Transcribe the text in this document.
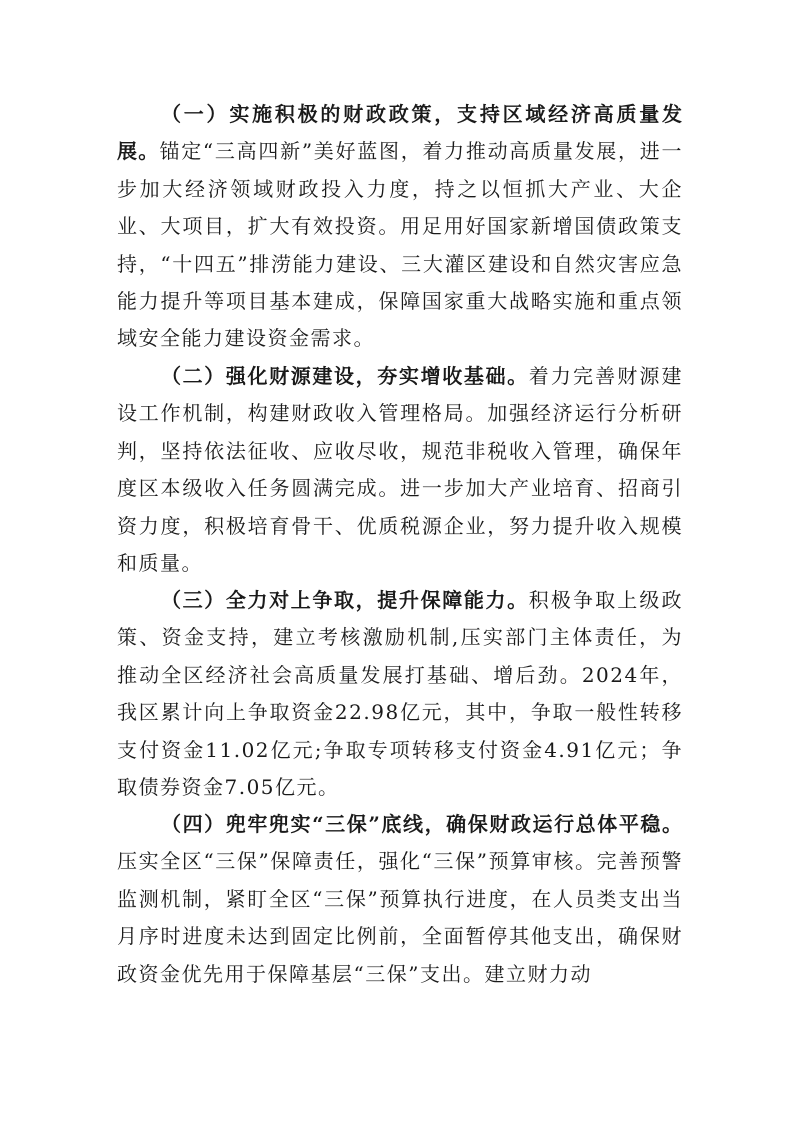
（一）实施积极的财政政策，支持区域经济高质量发展。锚定“三高四新”美好蓝图，着力推动高质量发展，进一步加大经济领域财政投入力度，持之以恒抓大产业、大企业、大项目，扩大有效投资。用足用好国家新增国债政策支持，“十四五”排涝能力建设、三大灌区建设和自然灾害应急能力提升等项目基本建成，保障国家重大战略实施和重点领域安全能力建设资金需求。

（二）强化财源建设，夯实增收基础。着力完善财源建设工作机制，构建财政收入管理格局。加强经济运行分析研判，坚持依法征收、应收尽收，规范非税收入管理，确保年度区本级收入任务圆满完成。进一步加大产业培育、招商引资力度，积极培育骨干、优质税源企业，努力提升收入规模和质量。

（三）全力对上争取，提升保障能力。积极争取上级政策、资金支持，建立考核激励机制,压实部门主体责任，为推动全区经济社会高质量发展打基础、增后劲。2024年，我区累计向上争取资金22.98亿元，其中，争取一般性转移支付资金11.02亿元;争取专项转移支付资金4.91亿元；争取债券资金7.05亿元。

（四）兜牢兜实“三保”底线，确保财政运行总体平稳。压实全区“三保”保障责任，强化“三保”预算审核。完善预警监测机制，紧盯全区“三保”预算执行进度，在人员类支出当月序时进度未达到固定比例前，全面暂停其他支出，确保财政资金优先用于保障基层“三保”支出。建立财力动
